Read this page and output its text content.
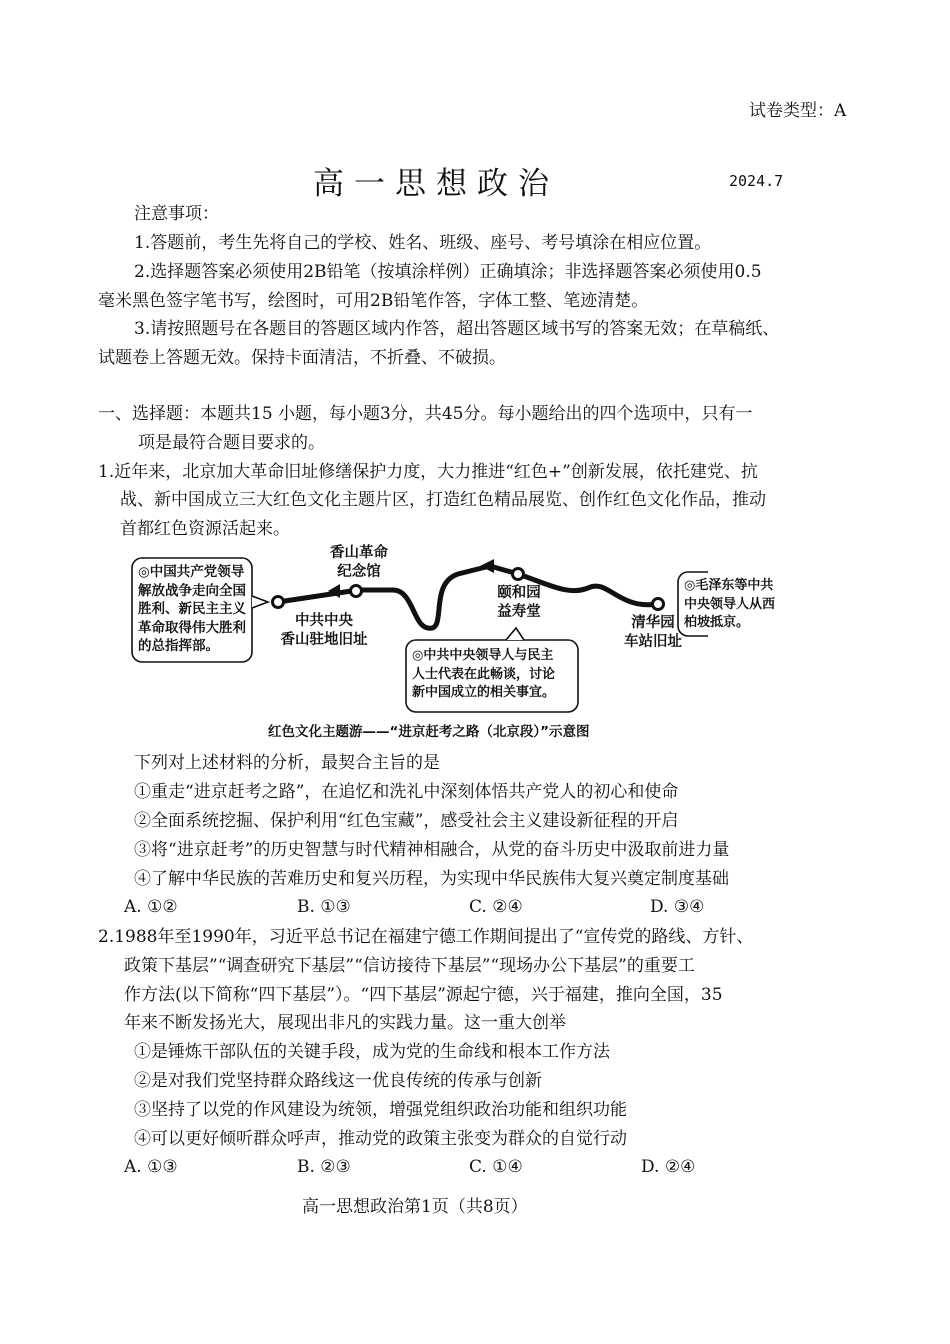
试卷类型：A
高一思想政治	2024.7
注意事项：
1.答题前，考生先将自己的学校、姓名、班级、座号、考号填涂在相应位置。
2.选择题答案必须使用2B铅笔（按填涂样例）正确填涂；非选择题答案必须使用0.5
毫米黑色签字笔书写，绘图时，可用2B铅笔作答，字体工整、笔迹清楚。
3.请按照题号在各题目的答题区域内作答，超出答题区域书写的答案无效；在草稿纸、
试题卷上答题无效。保持卡面清洁，不折叠、不破损。
一、选择题：本题共15 小题，每小题3分，共45分。每小题给出的四个选项中，只有一
项是最符合题目要求的。
1.近年来，北京加大革命旧址修缮保护力度，大力推进“红色+”创新发展，依托建党、抗
战、新中国成立三大红色文化主题片区，打造红色精品展览、创作红色文化作品，推动
首都红色资源活起来。
香山革命
纪念馆
中共中央
香山驻地旧址
颐和园
益寿堂
清华园
车站旧址
◎中国共产党领导
解放战争走向全国
胜利、新民主主义
革命取得伟大胜利
的总指挥部。
◎毛泽东等中共
中央领导人从西
柏坡抵京。
◎中共中央领导人与民主
人士代表在此畅谈，讨论
新中国成立的相关事宜。
红色文化主题游——“进京赶考之路（北京段）”示意图
下列对上述材料的分析，最契合主旨的是
①重走“进京赶考之路”，在追忆和洗礼中深刻体悟共产党人的初心和使命
②全面系统挖掘、保护利用“红色宝藏”，感受社会主义建设新征程的开启
③将“进京赶考”的历史智慧与时代精神相融合，从党的奋斗历史中汲取前进力量
④了解中华民族的苦难历史和复兴历程，为实现中华民族伟大复兴奠定制度基础
A. ①②	B. ①③	C. ②④	D. ③④
2.1988年至1990年，习近平总书记在福建宁德工作期间提出了“宣传党的路线、方针、
政策下基层”“调查研究下基层”“信访接待下基层”“现场办公下基层”的重要工
作方法(以下简称“四下基层”）。“四下基层”源起宁德，兴于福建，推向全国，35
年来不断发扬光大，展现出非凡的实践力量。这一重大创举
①是锤炼干部队伍的关键手段，成为党的生命线和根本工作方法
②是对我们党坚持群众路线这一优良传统的传承与创新
③坚持了以党的作风建设为统领，增强党组织政治功能和组织功能
④可以更好倾听群众呼声，推动党的政策主张变为群众的自觉行动
A. ①③	B. ②③	C. ①④	D. ②④
高一思想政治第1页（共8页）
